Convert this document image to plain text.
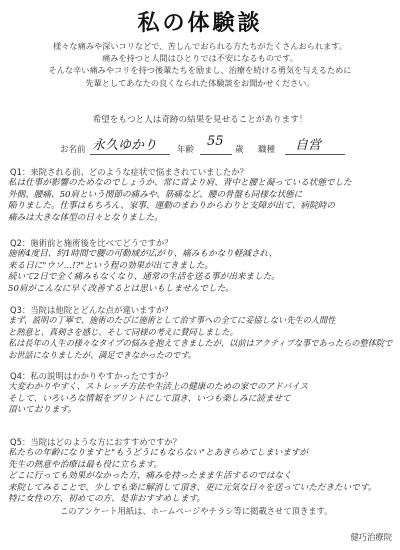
私の体験談
様々な痛みや深いコリなどで、苦しんでおられる方たちがたくさんおられます。
痛みを持つと人間はひとりでは不安になるものです。
そんな辛い痛みやコリを持つ後輩たちを励まし、治療を続ける勇気を与えるために
先輩としてあなたの良くなられた体験談をお聞かせください。
希望をもつと人は奇跡の結果を見せることがあります！
お名前 永久ゆかり 年齢
55
歳 職種 自営
Q1：来院される前、どのような症状で悩まされていましたか？
私は仕事が影響のためなのでしょうか、常に首より肩、背中と腰と凝っている状態でした
外側、腰痛、50肩という関節の痛みや、筋痛など、腰の骨盤も同様な状態に
陥りました。仕事はもちろん、家事、運動のまわりからわりと支障が出て、病院時の
痛みは大きな体型の日々となりました。
Q2：施術前と施術後を比べてどうですか？
施術4度目、約1時間で腰の可動域が広がり、痛みもかなり軽減され、
来る日に"ウソ…!?"という程の効果が出てきました。
続いて2日で全く痛みもなくなり、通常の生活を送る事が出来ました。
50肩がこんなに早く改善するとは思いもしませんでした。
Q3：当院は他院とどんな点が違いますか？
まず、説明の丁寧で、施術のたびに施術として治す事への全てに妥協しない先生の人間性
と熱意と、真剣さを感じ、そして同様の考えに賛同しました。
私は長年の人生の様々なタイプの悩みを抱えてきましたが、以前はアクティブな事であったらの整体院で
お世話になりましたが、満足できなかったのです。
Q4：私の説明はわかりやすかったですか？
大変わかりやすく、ストレッチ方法や生活上の健康のための家でのアドバイス
そして、いろいろな情報をプリントにして頂き、いつも楽しみに読ませて
頂いております。
Q5：当院はどのような方におすすめですか？
私たちの年齢になりますと"もうどうにもならない"とあきらめてしまいますが
先生の熱意や治療は最も役に立ちます。
どこに行っても効果がなかった方、痛みを持ったまま生活するのではなく
来院してみることで、少しでも楽に解消して頂き、更に元気な日々を送っていただきたいです。
特に女性の方、初めての方、是非おすすめします。
このアンケート用紙は、ホームページやチラシ等に掲載させて頂きます。
健巧治療院
